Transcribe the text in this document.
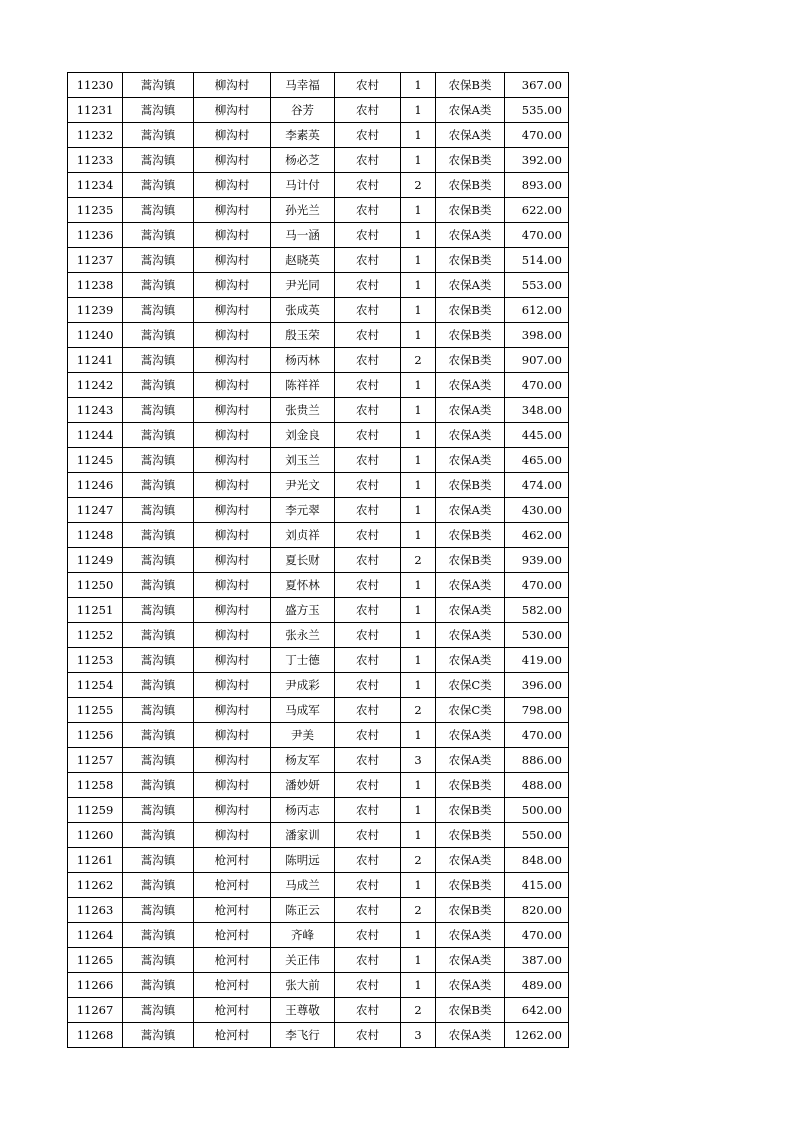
11230	蒿沟镇	柳沟村	马幸福	农村	1	农保B类	367.00
11231	蒿沟镇	柳沟村	谷芳	农村	1	农保A类	535.00
11232	蒿沟镇	柳沟村	李素英	农村	1	农保A类	470.00
11233	蒿沟镇	柳沟村	杨必芝	农村	1	农保B类	392.00
11234	蒿沟镇	柳沟村	马计付	农村	2	农保B类	893.00
11235	蒿沟镇	柳沟村	孙光兰	农村	1	农保B类	622.00
11236	蒿沟镇	柳沟村	马一涵	农村	1	农保A类	470.00
11237	蒿沟镇	柳沟村	赵晓英	农村	1	农保B类	514.00
11238	蒿沟镇	柳沟村	尹光同	农村	1	农保A类	553.00
11239	蒿沟镇	柳沟村	张成英	农村	1	农保B类	612.00
11240	蒿沟镇	柳沟村	殷玉荣	农村	1	农保B类	398.00
11241	蒿沟镇	柳沟村	杨丙林	农村	2	农保B类	907.00
11242	蒿沟镇	柳沟村	陈祥祥	农村	1	农保A类	470.00
11243	蒿沟镇	柳沟村	张贵兰	农村	1	农保A类	348.00
11244	蒿沟镇	柳沟村	刘金良	农村	1	农保A类	445.00
11245	蒿沟镇	柳沟村	刘玉兰	农村	1	农保A类	465.00
11246	蒿沟镇	柳沟村	尹光文	农村	1	农保B类	474.00
11247	蒿沟镇	柳沟村	李元翠	农村	1	农保A类	430.00
11248	蒿沟镇	柳沟村	刘贞祥	农村	1	农保B类	462.00
11249	蒿沟镇	柳沟村	夏长财	农村	2	农保B类	939.00
11250	蒿沟镇	柳沟村	夏怀林	农村	1	农保A类	470.00
11251	蒿沟镇	柳沟村	盛方玉	农村	1	农保A类	582.00
11252	蒿沟镇	柳沟村	张永兰	农村	1	农保A类	530.00
11253	蒿沟镇	柳沟村	丁士德	农村	1	农保A类	419.00
11254	蒿沟镇	柳沟村	尹成彩	农村	1	农保C类	396.00
11255	蒿沟镇	柳沟村	马成军	农村	2	农保C类	798.00
11256	蒿沟镇	柳沟村	尹美	农村	1	农保A类	470.00
11257	蒿沟镇	柳沟村	杨友军	农村	3	农保A类	886.00
11258	蒿沟镇	柳沟村	潘妙妍	农村	1	农保B类	488.00
11259	蒿沟镇	柳沟村	杨丙志	农村	1	农保B类	500.00
11260	蒿沟镇	柳沟村	潘家训	农村	1	农保B类	550.00
11261	蒿沟镇	枪河村	陈明远	农村	2	农保A类	848.00
11262	蒿沟镇	枪河村	马成兰	农村	1	农保B类	415.00
11263	蒿沟镇	枪河村	陈正云	农村	2	农保B类	820.00
11264	蒿沟镇	枪河村	齐峰	农村	1	农保A类	470.00
11265	蒿沟镇	枪河村	关正伟	农村	1	农保A类	387.00
11266	蒿沟镇	枪河村	张大前	农村	1	农保A类	489.00
11267	蒿沟镇	枪河村	王尊敬	农村	2	农保B类	642.00
11268	蒿沟镇	枪河村	李飞行	农村	3	农保A类	1262.00
